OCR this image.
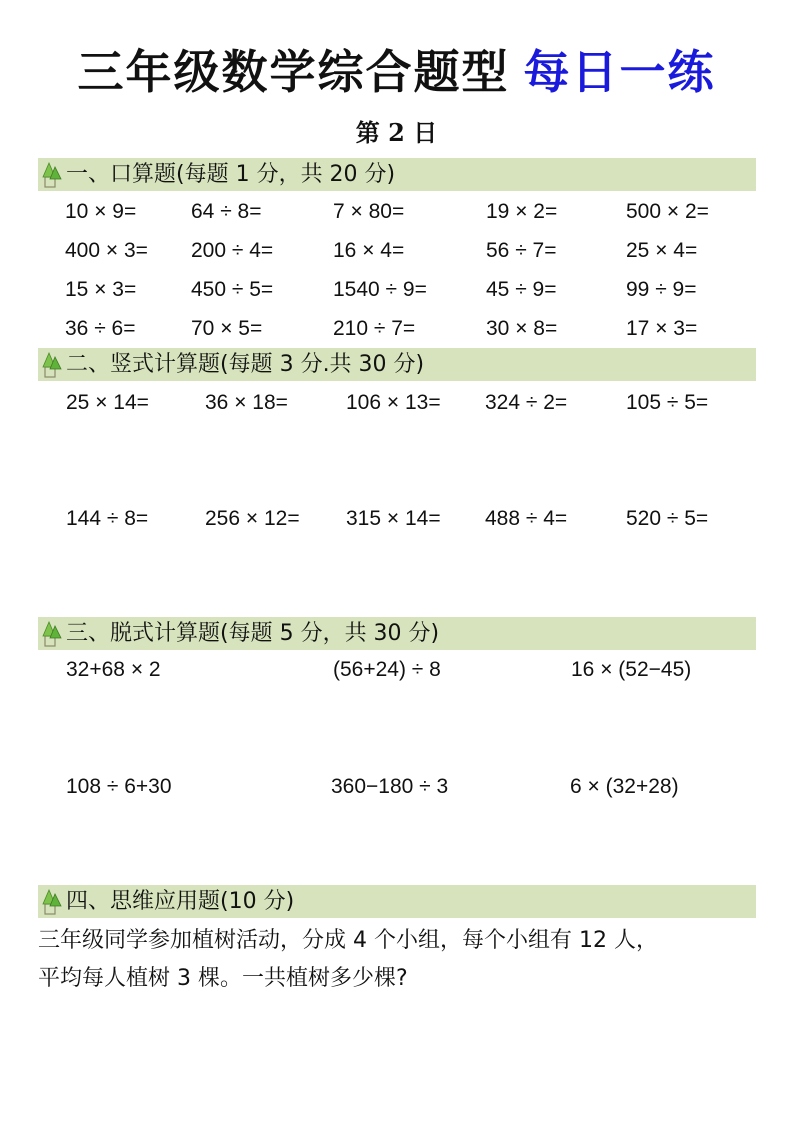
三年级数学综合题型 每日一练
第 2 日
一、口算题(每题 1 分，共 20 分)
10 × 9=	64 ÷ 8=	7 × 80=	19 × 2=	500 × 2=
400 × 3= 200 ÷ 4=	16 × 4=	56 ÷ 7=	25 × 4=
15 × 3=	450 ÷ 5=	1540 ÷ 9=	45 ÷ 9=	99 ÷ 9=
36 ÷ 6=	70 × 5=	210 ÷ 7=	30 × 8=	17 × 3=
二、竖式计算题(每题 3 分.共 30 分)
25 × 14=	36 × 18=	106 × 13= 324 ÷ 2=	105 ÷ 5=
144 ÷ 8=	256 × 12= 315 × 14= 488 ÷ 4=	520 ÷ 5=
三、脱式计算题(每题 5 分，共 30 分)
32+68 × 2	(56+24) ÷ 8	16 × (52−45)
108 ÷ 6+30	360−180 ÷ 3	6 × (32+28)
四、思维应用题(10 分)
三年级同学参加植树活动，分成 4 个小组，每个小组有 12 人，
平均每人植树 3 棵。一共植树多少棵?
